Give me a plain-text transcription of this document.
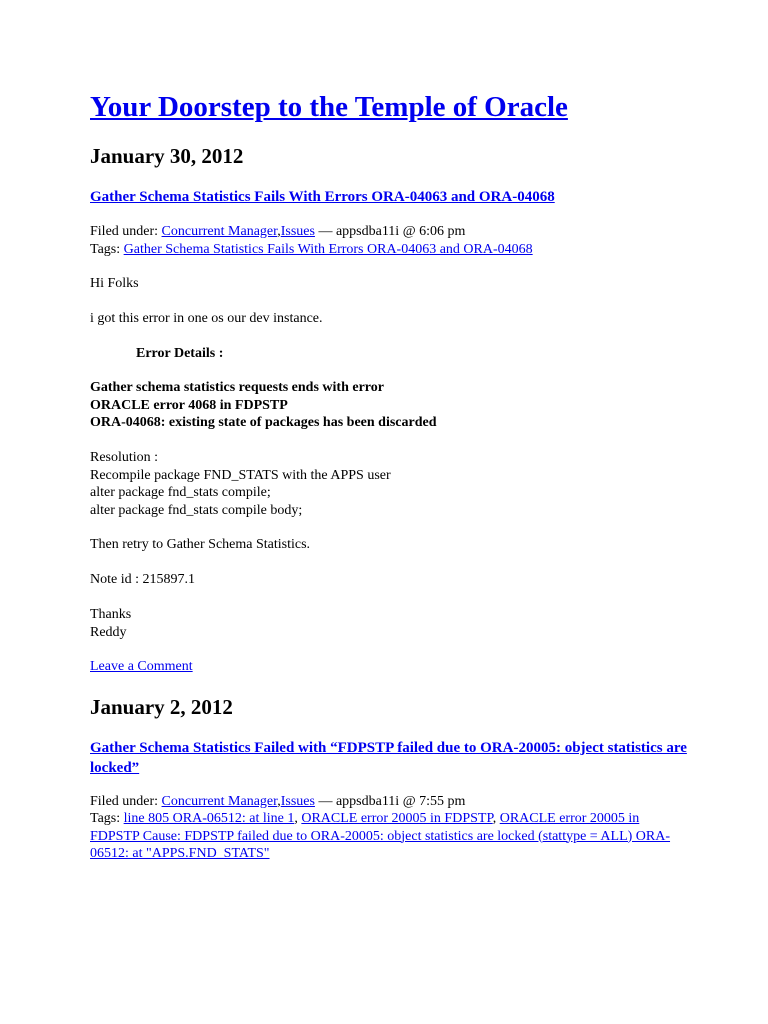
Your Doorstep to the Temple of Oracle
January 30, 2012
Gather Schema Statistics Fails With Errors ORA-04063 and ORA-04068

Filed under: Concurrent Manager,Issues — appsdba11i @ 6:06 pm

Tags: Gather Schema Statistics Fails With Errors ORA-04063 and ORA-04068

Hi Folks

i got this error in one os our dev instance.

Error Details :

Gather schema statistics requests ends with error
ORACLE error 4068 in FDPSTP
ORA-04068: existing state of packages has been discarded

Resolution :
Recompile package FND_STATS with the APPS user
alter package fnd_stats compile;
alter package fnd_stats compile body;

Then retry to Gather Schema Statistics.

Note id : 215897.1

Thanks
Reddy

Leave a Comment

January 2, 2012
Gather Schema Statistics Failed with “FDPSTP failed due to ORA-20005: object statistics are locked”

Filed under: Concurrent Manager,Issues — appsdba11i @ 7:55 pm

Tags: line 805 ORA-06512: at line 1, ORACLE error 20005 in FDPSTP, ORACLE error 20005 in FDPSTP Cause: FDPSTP failed due to ORA-20005: object statistics are locked (stattype = ALL) ORA-06512: at "APPS.FND_STATS"
